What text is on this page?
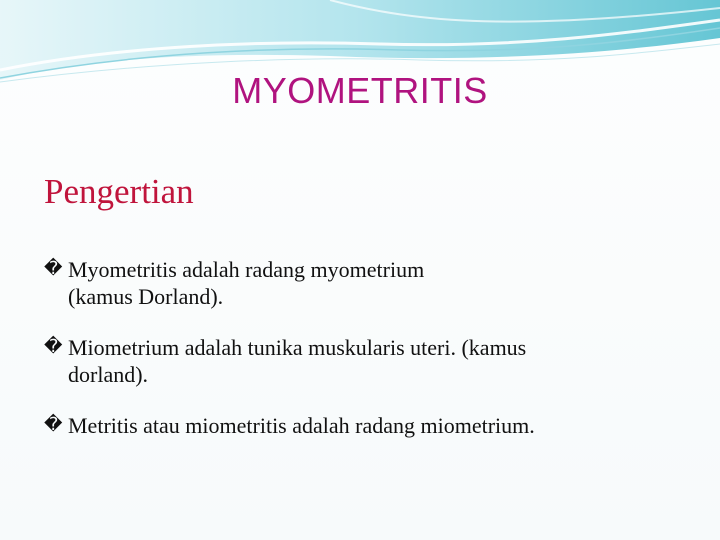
MYOMETRITIS
Pengertian
� Myometritis adalah radang myometrium
(kamus Dorland).
� Miometrium adalah tunika muskularis uteri. (kamus
dorland).
� Metritis atau miometritis adalah radang miometrium.
